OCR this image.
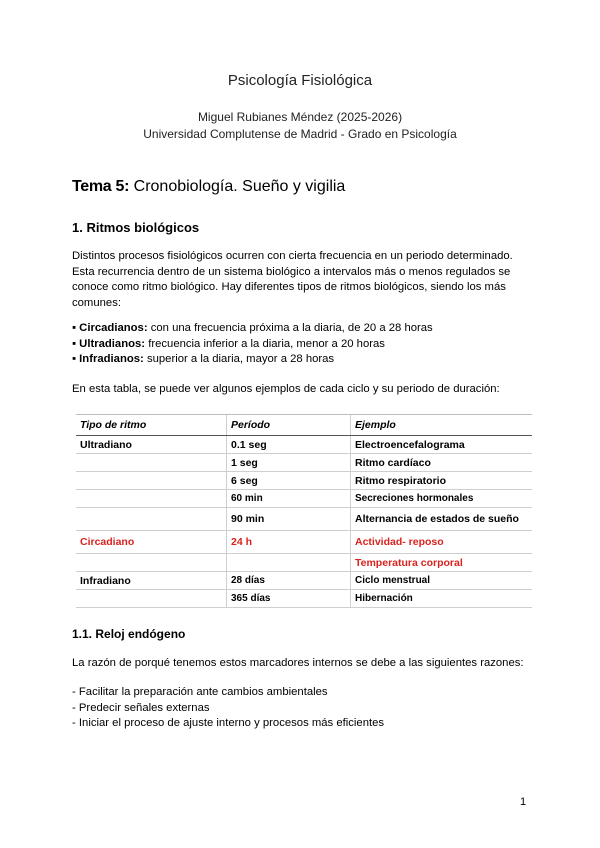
Psicología Fisiológica
Miguel Rubianes Méndez (2025-2026)
Universidad Complutense de Madrid - Grado en Psicología
Tema 5: Cronobiología. Sueño y vigilia
1. Ritmos biológicos
Distintos procesos fisiológicos ocurren con cierta frecuencia en un periodo determinado.
Esta recurrencia dentro de un sistema biológico a intervalos más o menos regulados se
conoce como ritmo biológico. Hay diferentes tipos de ritmos biológicos, siendo los más
comunes:
▪ Circadianos: con una frecuencia próxima a la diaria, de 20 a 28 horas
▪ Ultradianos: frecuencia inferior a la diaria, menor a 20 horas
▪ Infradianos: superior a la diaria, mayor a 28 horas
En esta tabla, se puede ver algunos ejemplos de cada ciclo y su periodo de duración:
Tipo de ritmo	Período	Ejemplo
Ultradiano	0.1 seg	Electroencefalograma
	1 seg	Ritmo cardíaco
	6 seg	Ritmo respiratorio
	60 min	Secreciones hormonales
	90 min	Alternancia de estados de sueño
Circadiano	24 h	Actividad- reposo
		Temperatura corporal
Infradiano	28 días	Ciclo menstrual
	365 días	Hibernación
1.1. Reloj endógeno
La razón de porqué tenemos estos marcadores internos se debe a las siguientes razones:
- Facilitar la preparación ante cambios ambientales
- Predecir señales externas
- Iniciar el proceso de ajuste interno y procesos más eficientes
1
